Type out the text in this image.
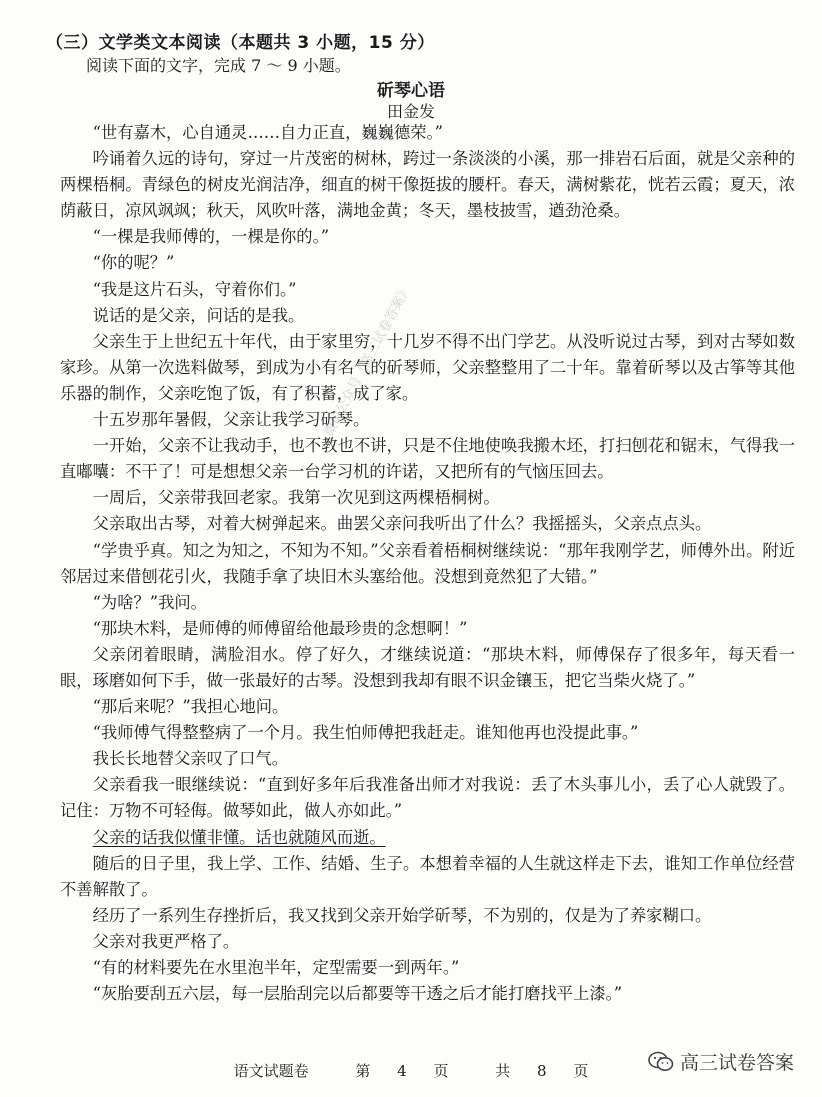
（三）文学类文本阅读（本题共 3 小题，15 分）
阅读下面的文字，完成 7 ～ 9 小题。
斫琴心语
田金发

“世有嘉木，心自通灵……自力正直，巍巍德荣。”

吟诵着久远的诗句，穿过一片茂密的树林，跨过一条淡淡的小溪，那一排岩石后面，就是父亲种的两棵梧桐。青绿色的树皮光润洁净，细直的树干像挺拔的腰杆。春天，满树紫花，恍若云霞；夏天，浓荫蔽日，凉风飒飒；秋天，风吹叶落，满地金黄；冬天，墨枝披雪，遒劲沧桑。

“一棵是我师傅的，一棵是你的。”

“你的呢？”

“我是这片石头，守着你们。”

说话的是父亲，问话的是我。

父亲生于上世纪五十年代，由于家里穷，十几岁不得不出门学艺。从没听说过古琴，到对古琴如数家珍。从第一次选料做琴，到成为小有名气的斫琴师，父亲整整用了二十年。靠着斫琴以及古筝等其他乐器的制作，父亲吃饱了饭，有了积蓄，成了家。

十五岁那年暑假，父亲让我学习斫琴。

一开始，父亲不让我动手，也不教也不讲，只是不住地使唤我搬木坯，打扫刨花和锯末，气得我一直嘟囔：不干了！可是想想父亲一台学习机的许诺，又把所有的气恼压回去。

一周后，父亲带我回老家。我第一次见到这两棵梧桐树。

父亲取出古琴，对着大树弹起来。曲罢父亲问我听出了什么？我摇摇头，父亲点点头。

“学贵乎真。知之为知之，不知为不知。”父亲看着梧桐树继续说：“那年我刚学艺，师傅外出。附近邻居过来借刨花引火，我随手拿了块旧木头塞给他。没想到竟然犯了大错。”

“为啥？”我问。

“那块木料，是师傅的师傅留给他最珍贵的念想啊！”

父亲闭着眼睛，满脸泪水。停了好久，才继续说道：“那块木料，师傅保存了很多年，每天看一眼，琢磨如何下手，做一张最好的古琴。没想到我却有眼不识金镶玉，把它当柴火烧了。”

“那后来呢？”我担心地问。

“我师傅气得整整病了一个月。我生怕师傅把我赶走。谁知他再也没提此事。”

我长长地替父亲叹了口气。

父亲看我一眼继续说：“直到好多年后我准备出师才对我说：丢了木头事儿小，丢了心人就毁了。记住：万物不可轻侮。做琴如此，做人亦如此。”

父亲的话我似懂非懂。话也就随风而逝。

随后的日子里，我上学、工作、结婚、生子。本想着幸福的人生就这样走下去，谁知工作单位经营不善解散了。

经历了一系列生存挫折后，我又找到父亲开始学斫琴，不为别的，仅是为了养家糊口。

父亲对我更严格了。

“有的材料要先在水里泡半年，定型需要一到两年。”

“灰胎要刮五六层，每一层胎刮完以后都要等干透之后才能打磨找平上漆。”

微信公众号《高三试卷答案》
语文试题卷	第 4 页	共 8 页	高三试卷答案
